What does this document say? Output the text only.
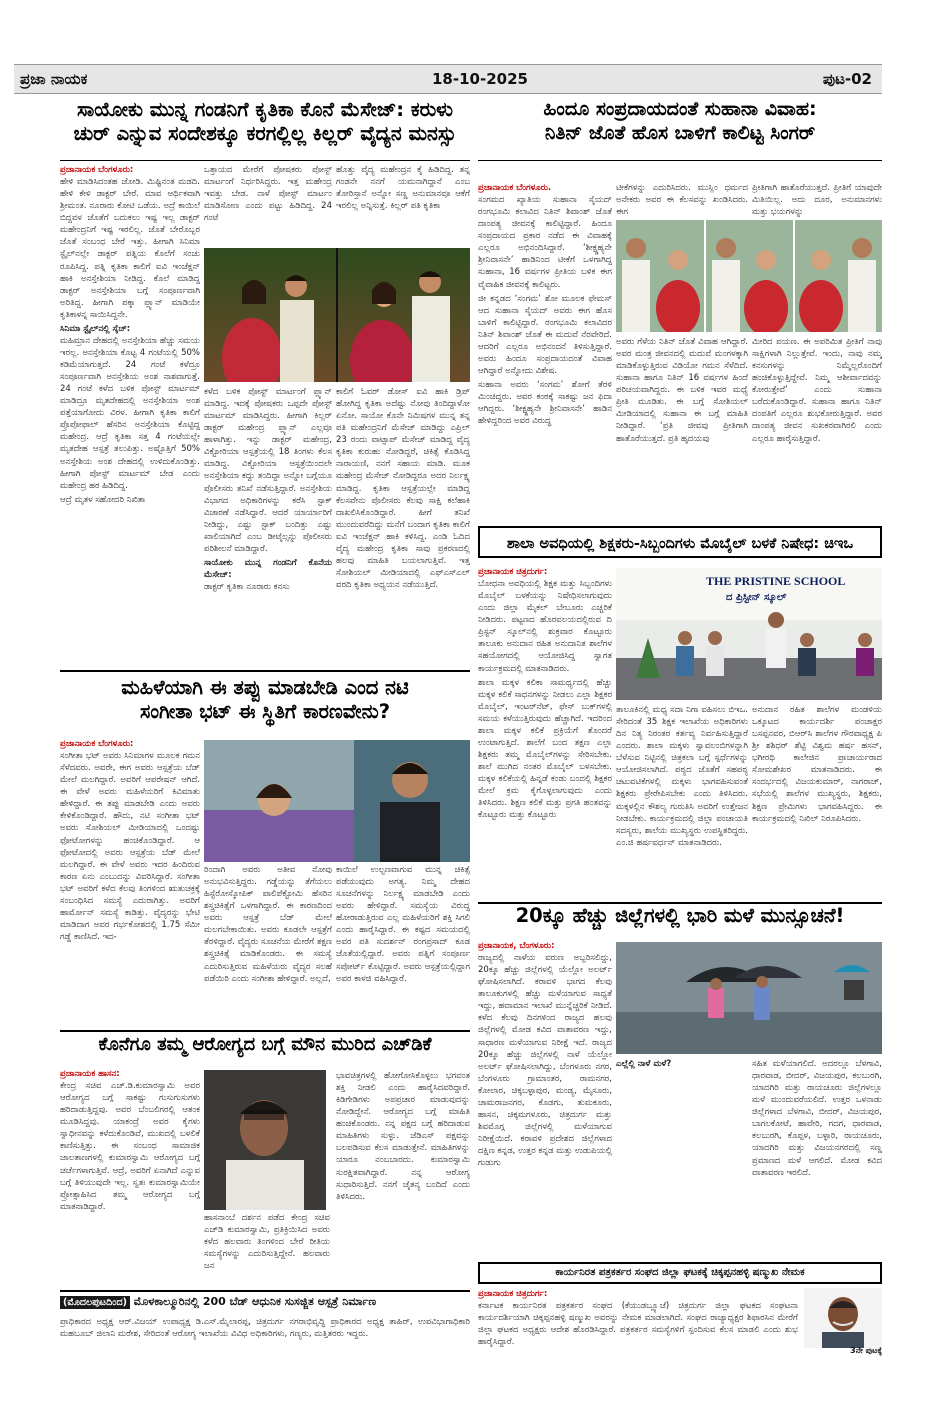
ಪ್ರಜಾ ನಾಯಕ	18-10-2025	ಪುಟ-02
ಸಾಯೋಕು ಮುನ್ನ ಗಂಡನಿಗೆ ಕೃತಿಕಾ ಕೊನೆ ಮೆಸೇಜ್: ಕರುಳು
ಚುರ್ ಎನ್ನುವ ಸಂದೇಶಕ್ಕೂ ಕರಗಲ್ಲಿಲ್ಲ ಕಿಲ್ಲರ್ ವೈದ್ಯನ ಮನಸ್ಸು
ಪ್ರಜಾನಾಯಕ ಬೆಂಗಳೂರು:

ಹೇಳಿ ಮಾಡಿಸಿದಂತಹ ಜೋಡಿ. ಮಿಷ್ಟಿನಂತ ಮಡದಿ. ಹೇಳಿ ಕೇಳಿ ಡಾಕ್ಟರ್ ಬೇರೆ. ಮಾವ ಆರ್ಥಿಕವಾಗಿ ಶ್ರೀಮಂತ. ನೂರಾರು ಕೋಟಿ ಒಡೆಯ. ಅದ್ರೆ ಕಾಯಿಲೆ ಬಿದ್ದವಳ ಜೊತೆಗೆ ಬದುಕಲು ಇಷ್ಟ ಇಲ್ಲ ಡಾಕ್ಟರ್ ಮಹೇಂದ್ರನಿಗೆ ಇಷ್ಟ ಇರಲಿಲ್ಲ. ಜೊತೆ ಬೇರೊಬ್ಬರ ಜೊತೆ ಸಂಬಂಧ ಬೇರೆ ಇತ್ತು. ಹೀಗಾಗಿ ಸಿನಿಮಾ ಸ್ಟೈಲ್‌ನಲ್ಲೇ ಡಾಕ್ಟರ್ ಪತ್ನಿಯ ಕೊಲೆಗೆ ಸಂಚು ರೂಪಿಸಿದ್ದ. ಪತ್ನಿ ಕೃತಿಕಾ ಕಾಲಿಗೆ ಐವಿ ಇಂಜೆಕ್ಷನ್ ಹಾಕಿ ಅನಸ್ತೇಶಿಯಾ ನೀಡಿದ್ದ. ಕೊಲೆ ಮಾಡಿದ್ದ ಡಾಕ್ಟರ್ ಅನಸ್ತೇಶಿಯಾ ಬಗ್ಗೆ ಸಂಪೂರ್ಣವಾಗಿ ಅರಿತಿದ್ದ. ಹೀಗಾಗಿ ಪಕ್ಕಾ ಪ್ಲ್ಯಾನ್ ಮಾಡಿಯೇ ಕೃತಿಕಾಳನ್ನ ಸಾಯಿಸಿದ್ದನೇ.

ಸಿನಿಮಾ ಸ್ಟೈಲ್‌ನಲ್ಲಿ ಸ್ಕೆಚ್:

ಮಹಿಮ್ರಾನ ದೇಹದಲ್ಲಿ ಅನಸ್ತೇಶಿಯಾ ಹೆಚ್ಚು ಸಮಯ ಇರಲ್ಲ. ಅನಸ್ತೇಶಿಯಾ ಕೊಟ್ಟ 4 ಗಂಟೆಯಲ್ಲಿ 50% ಕಡಿಮೆಯಾಗುತ್ತದೆ. 24 ಗಂಟೆ ಕಳೆದ್ರೂ ಸಂಪೂರ್ಣವಾಗಿ ಅನಸ್ತೇಶಿಯ ಅಂಶ ನಾಶವಾಗುತ್ತೆ. 24 ಗಂಟೆ ಕಳೆದ ಬಳಿಕ ಪೋಸ್ಟ್ ಮಾರ್ಟಮ್ ಮಾಡಿದ್ರೂ ಮೃತದೇಹದಲ್ಲಿ ಅನಸ್ತೇಶಿಯಾ ಅಂಶ ಪತ್ತೆಯಾಗೋದು ವಿರಳ. ಹೀಗಾಗಿ ಕೃತಿಕಾ ಕಾಲಿಗೆ ಪ್ರೊಪೋಫಾಲ್ ಹೆಸರಿನ ಅನಸ್ತೇಶಿಯಾ ಕೊಟ್ಟಿದ್ದ ಮಹೇಂದ್ರ. ಆದ್ರೆ ಕೃತಿಕಾ ಸತ್ತ 4 ಗಂಟೆಯಲ್ಲೇ ಮೃತದೇಹ ಆಸ್ಪತ್ರೆ ತಲುಪಿತ್ತು. ಅಷ್ಟೊತ್ತಿಗೆ 50% ಅನಸ್ತೇಶಿಯ ಅಂಶ ದೇಹದಲ್ಲಿ ಉಳಿದುಕೊಂಡಿತ್ತು. ಹೀಗಾಗಿ ಪೋಸ್ಟ್ ಮಾರ್ಟಮ್ ಬೇಡ ಎಂದು ಮಹೇಂದ್ರ ಹಠ ಹಿಡಿದಿದ್ದ.

ಆದ್ರೆ ಮೃತಳ ಸಹೋದರಿ ನಿಖಿತಾ

ಒತ್ತಾಯದ ಮೇರೆಗೆ ಪೋಷಕರು ಪೋಸ್ಟ್ ಮಾರ್ಟಂಗೆ ನಿರ್ಧರಿಸಿದ್ದರು. ಇತ್ತ ಮಹೇಂದ್ರ ಇವತ್ತು ಬೇಡ. ನಾಳೆ ಪೋಸ್ಟ್ ಮಾರ್ಟಂ ಮಾಡಿಸೋಣ ಎಂದು ಪಟ್ಟು ಹಿಡಿದಿದ್ದ. 24 ಗಂಟೆ

ಹೊತ್ತು ವೈದ್ಯ ಮಹೇಂದ್ರನ ಕೈ ಹಿಡಿದಿದ್ದ. ತನ್ನ ಗಂಡನೇ ನನಗೆ ಯಮನಾಗಿದ್ದಾನೆ ಎಂಬ ತೋರಿಸ್ತಾನೆ ಅನ್ನೋ ಸಣ್ಣ ಅನುಮಾನವೂ ಆಕೆಗೆ ಇರಲಿಲ್ಲ ಅನ್ನಿಸುತ್ತೆ. ಕಿಲ್ಲರ್ ಪತಿ ಕೃತಿಕಾ

ಕಳೆದ ಬಳಿಕ ಪೋಸ್ಟ್ ಮಾರ್ಟಂಗೆ ಪ್ಲ್ಯಾನ್ ಮಾಡಿದ್ದ. ಇದಕ್ಕೆ ಪೋಷಕರು ಒಪ್ಪದೇ ಪೋಸ್ಟ್ ಮಾರ್ಟಮ್ ಮಾಡಿಸಿದ್ದರು. ಹೀಗಾಗಿ ಕಿಲ್ಲರ್ ಡಾಕ್ಟರ್ ಮಹೇಂದ್ರ ಪ್ಲ್ಯಾನ್ ಎಲ್ಲವೂ ಹಾಳಾಗಿತ್ತು. ಇನ್ನು ಡಾಕ್ಟರ್ ಮಹೇಂದ್ರ, ವಿಕ್ಟೋರಿಯಾ ಆಸ್ಪತ್ರೆಯಲ್ಲಿ 18 ತಿಂಗಳು ಕೆಲಸ ಮಾಡಿದ್ದ. ವಿಕ್ಟೋರಿಯಾ ಆಸ್ಪತ್ರೆಯಿಂದಲೇ ಅನಸ್ತೇಶಿಯಾ ಕದ್ದು ತಂದಿದ್ದಾ ಅನ್ನೋ ಬಗ್ಗೆಯೂ ಪೊಲೀಸರು ತನಿಖೆ ನಡೆಸುತ್ತಿದ್ದಾರೆ. ಅನಸ್ತೇಶಿಯ ವಿಭಾಗದ ಅಧಿಕಾರಿಗಳನ್ನು ಕರೆಸಿ ಸ್ಟಾಕ್ ವಿಚಾರಣೆ ನಡೆಸಿದ್ದಾರೆ. ಆದರೆ ಯಾರ್ಯಾರಿಗೆ ನೀಡಿದ್ದು, ಎಷ್ಟು ಸ್ಟಾಕ್ ಬಂದಿತ್ತು ಎಷ್ಟು ಖಾಲಿಯಾಗಿದೆ ಎಂಬ ಡೀಟೈಲ್ಸನ್ನು ಪೊಲೀಸರು ಪರಿಶೀಲನೆ ಮಾಡಿದ್ದಾರೆ.

ಸಾಯೋಕು ಮುನ್ನ ಗಂಡನಿಗೆ ಕೊನೆಯ ಮೆಸೇಜ್:

ಡಾಕ್ಟರ್ ಕೃತಿಕಾ ನೂರಾರು ಕನಸು

ಕಾಲಿಗೆ ಓವರ್ ಡೋಸ್ ಐವಿ ಹಾಕಿ ಡ್ರಿಪ್ ಹೋಗಿದ್ದ ಕೃತಿಕಾ ಅದೆಷ್ಟು ನೋವು ತಿಂದಿದ್ದಾಳೋ ಏನೋ. ಸಾಯೋ ಕೊನೇ ನಿಮಿಷಗಳ ಮುನ್ನ ತನ್ನ ಪತಿ ಮಹೇಂದ್ರನಿಗೆ ಮೆಸೇಜ್ ಮಾಡಿದ್ದು ಎಪ್ರಿಲ್ 23 ರಂದು ವಾಟ್ಸಾಪ್ ಮೆಸೇಜ್ ಮಾಡಿದ್ದ ವೈದ್ಯ ಕೃತಿಕಾ ಕುರುಹು ನೋಡಿದ್ದರೆ, ಚಿಕಿತ್ಸೆ ಕೊಡಿಸಿದ್ದ ನಾರಾಯಣಿ, ನನಗೆ ಸಹಾಯ ಮಾಡಿ. ಮೂಕ ಮಹೇಂದ್ರ ಮೆಸೇಜ್ ನೋಡಿದ್ದರೂ ಅದರ ನಿರ್ಲಕ್ಷ್ಯ ಮಾಡಿದ್ದ. ಕೃತಿಕಾ ಆಸ್ಪತ್ರೆಯಲ್ಲೇ ಮಾಡಿದ್ದ ಕೆಲಸವೇನು ಪೊಲೀಸರು ಕೆಲವು ಸಾಕ್ಷಿ ಕಲೆಹಾಕಿ ದಾಖಲಿಸಿಕೊಂಡಿದ್ದಾರೆ. ಹೀಗೆ ತನಿಖೆ ಮುಂದುವರೆದಿದ್ದು ಮನೆಗೆ ಬಂದಾಗ ಕೃತಿಕಾ ಕಾಲಿಗೆ ಐವಿ ಇಂಜೆಕ್ಷನ್ ಹಾಕಿ ಕಳಿಸಿದ್ದ. ಎಂಡಿ ಓದಿದ ವೈದ್ಯ ಮಹೇಂದ್ರ ಕೃತಿಕಾ ಸಾವು ಪ್ರಕರಣದಲ್ಲಿ ಹಲವು ಮಾಹಿತಿ ಬಯಲಾಗುತ್ತಿವೆ. ಇತ್ತ ಸೋಶಿಯಲ್ ಮೀಡಿಯಾದಲ್ಲಿ ಎಫ್ಎಸ್ಎಲ್ ವರದಿ ಕೃತಿಕಾ ಅಧ್ಯಯನ ನಡೆಯುತ್ತಿದೆ.

ಮಹಿಳೆಯಾಗಿ ಈ ತಪ್ಪು ಮಾಡಬೇಡಿ ಎಂದ ನಟಿ
ಸಂಗೀತಾ ಭಟ್ ಈ ಸ್ಥಿತಿಗೆ ಕಾರಣವೇನು?
ಪ್ರಜಾನಾಯಕ ಬೆಂಗಳೂರು:

ಸಂಗೀತಾ ಭಟ್ ಅವರು ಸಿನಿಮಾಗಳ ಮೂಲಕ ಗಮನ ಸೆಳೆದವರು. ಅವರೇ, ಈಗ ಅವರು ಆಸ್ಪತ್ರೆಯ ಬೆಡ್ ಮೇಲೆ ಮಲಗಿದ್ದಾರೆ. ಅವರಿಗೆ ಆಪರೇಷನ್ ಆಗಿದೆ. ಈ ವೇಳೆ ಅವರು ಮಹಿಳೆಯರಿಗೆ ಕಿವಿಮಾತು ಹೇಳಿದ್ದಾರೆ. ಈ ತಪ್ಪು ಮಾಡಬೇಡಿ ಎಂದು ಅವರು ಕೇಳಿಕೊಂಡಿದ್ದಾರೆ. ಹೌದು, ನಟಿ ಸಂಗೀತಾ ಭಟ್ ಅವರು ಸೋಶಿಯಲ್ ಮೀಡಿಯಾದಲ್ಲಿ ಒಂದಷ್ಟು ಫೋಟೋಗಳನ್ನು ಹಂಚಿಕೊಂಡಿದ್ದಾರೆ. ಆ ಫೋಟೋದಲ್ಲಿ ಅವರು ಆಸ್ಪತ್ರೆಯ ಬೆಡ್ ಮೇಲೆ ಮಲಗಿದ್ದಾರೆ. ಈ ವೇಳೆ ಅವರು ಇದರ ಹಿಂದಿರುವ ಕಾರಣ ಏನು ಎಂಬುದನ್ನು ವಿವರಿಸಿದ್ದಾರೆ. ಸಂಗೀತಾ ಭಟ್ ಅವರಿಗೆ ಕಳೆದ ಕೆಲವು ತಿಂಗಳಿಂದ ಋತುಚಕ್ರಕ್ಕೆ ಸಂಬಂಧಿಸಿದ ಸಮಸ್ಯೆ ಎದುರಾಗಿತ್ತು. ಅವರಿಗೆ ಹಾರ್ಮೋನ್ ಸಮಸ್ಯೆ ಕಾಡಿತ್ತು. ವೈದ್ಯರನ್ನು ಭೇಟಿ ಮಾಡಿದಾಗ ಅವರ ಗರ್ಭಕೋಶದಲ್ಲಿ 1.75 ಸೆಮೀ ಗಡ್ಡೆ ಕಾಣಿಸಿದೆ. ಇದ-

ರಿಂದಾಗಿ ಅವರು ಅತೀವ ನೋವು ಅನುಭವಿಸುತ್ತಿದ್ದರು. ಗಡ್ಡೆಯನ್ನು ತೆಗೆಯಲು ಹಿಸ್ಟೆರೋಸ್ಕೋಪಿಕ್ ಪಾಲಿಪೆಕ್ಟೋಮಿ ಹೆಸರಿನ ಶಸ್ತ್ರಚಿಕಿತ್ಸೆಗೆ ಒಳಗಾಗಿದ್ದಾರೆ. ಈ ಕಾರಣದಿಂದ ಅವರು ಆಸ್ಪತ್ರೆ ಬೆಡ್ ಮೇಲೆ ಮಲಗಬೇಕಾಯಿತು. ಅವರು ಕೂಡಲೇ ಆಸ್ಪತ್ರೆಗೆ ತೆರಳಿದ್ದಾರೆ. ವೈದ್ಯರು ಸೂಚನೆಯ ಮೇರೆಗೆ ತಕ್ಷಣ ಶಸ್ತ್ರಚಿಕಿತ್ಸೆ ಮಾಡಿಕೊಂಡರು. ಈ ಸಮಸ್ಯೆ ಎದುರಿಸುತ್ತಿರುವ ಮಹಿಳೆಯರು ವೈದ್ಯರ ಸಲಹೆ ಪಡೆಯಿರಿ ಎಂದು ಸಂಗೀತಾ ಹೇಳಿದ್ದಾರೆ. ಅಲ್ಲದೆ,

ಕಾಯಿಲೆ ಉಲ್ಬಣವಾಗುವ ಮುನ್ನ ಚಿಕಿತ್ಸೆ ಪಡೆಯುವುದು ಅಗತ್ಯ. ನಿಮ್ಮ ದೇಹದ ಸೂಚನೆಗಳನ್ನು ನಿರ್ಲಕ್ಷ್ಯ ಮಾಡಬೇಡಿ ಎಂದು ಅವರು ಹೇಳಿದ್ದಾರೆ. ಸಮಸ್ಯೆಯ ವಿರುದ್ಧ ಹೋರಾಡುತ್ತಿರುವ ಎಲ್ಲ ಮಹಿಳೆಯರಿಗೆ ಶಕ್ತಿ ಸಿಗಲಿ ಎಂದು ಹಾರೈಸಿದ್ದಾರೆ. ಈ ಕಷ್ಟದ ಸಮಯದಲ್ಲಿ ಅವರ ಪತಿ ಸುದರ್ಶನ್ ರಂಗಪ್ರಸಾದ್ ಕೂಡ ಜೊತೆಯಲ್ಲಿದ್ದಾರೆ. ಅವರು ಪತ್ನಿಗೆ ಸಂಪೂರ್ಣ ಸಪೋರ್ಟ್ ಕೊಟ್ಟಿದ್ದಾರೆ. ಅವರು ಆಸ್ಪತ್ರೆಯಲ್ಲಿದ್ದಾಗ ಅವರ ಕಾಳಜಿ ವಹಿಸಿದ್ದಾರೆ.

ಕೊನೆಗೂ ತಮ್ಮ ಆರೋಗ್ಯದ ಬಗ್ಗೆ ಮೌನ ಮುರಿದ ಎಚ್‌ಡಿಕೆ
ಪ್ರಜಾನಾಯಕ ಹಾಸನ:

ಕೇಂದ್ರ ಸಚಿವ ಎಚ್.ಡಿ.ಕುಮಾರಸ್ವಾಮಿ ಅವರ ಆರೋಗ್ಯದ ಬಗ್ಗೆ ಸಾಕಷ್ಟು ಗುಸುಗುಸುಗಳು ಹರಿದಾಡುತ್ತಿದ್ದವು. ಅವರ ಬೆಂಬಲಿಗರಲ್ಲಿ ಆತಂಕ ಮೂಡಿಸಿದ್ದವು. ಯಾಕಂದ್ರೆ ಅವರ ಕೈಗಳು ಸ್ವಾಧೀನವನ್ನು ಕಳೆದುಕೊಂಡಿವೆ, ಮುಖದಲ್ಲಿ ಬಳಲಿಕೆ ಕಾಣಿಸುತ್ತಿತ್ತು. ಈ ಸಂಬಂಧ ಸಾಮಾಜಿಕ ಜಾಲತಾಣಗಳಲ್ಲಿ ಕುಮಾರಸ್ವಾಮಿ ಆರೋಗ್ಯದ ಬಗ್ಗೆ ಚರ್ಚೆಗಳಾಗುತ್ತಿವೆ. ಆದ್ರೆ, ಅವರಿಗೆ ಏನಾಗಿದೆ ಎನ್ನುವ ಬಗ್ಗೆ ತಿಳಿಯುವುದೇ ಇಲ್ಲ. ಸ್ವತಃ ಕುಮಾರಸ್ವಾಮಿಯೇ ಪ್ರೋತ್ಸಾಹಿಸಿದ ತಮ್ಮ ಆರೋಗ್ಯದ ಬಗ್ಗೆ ಮಾತನಾಡಿದ್ದಾರೆ.

ಹಾಸನಾಂಬೆ ದರ್ಶನ ಪಡೆದ ಕೇಂದ್ರ ಸಚಿವ ಎಚ್‌ಡಿ ಕುಮಾರಸ್ವಾಮಿ, ಪ್ರತಿಕ್ರಿಯಿಸಿದ ಅವರು ಕಳೆದ ಹಲವಾರು ತಿಂಗಳಿಂದ ಬೇರೆ ರೀತಿಯ ಸಮಸ್ಯೆಗಳನ್ನು ಎದುರಿಸುತ್ತಿದ್ದೇನೆ. ಹಲವಾರು ಜನ

ಭಾವಚಿತ್ರಗಳಲ್ಲಿ ಹೋಗೋಸಿಕೊಳ್ಳಲು ಭಗವಂತ ಶಕ್ತಿ ನೀಡಲಿ ಎಂದು ಹಾರೈಸಿದವರಿದ್ದಾರೆ. ಕಿಡಿಗೇಡಿಗಳು ಅಪಪ್ರಚಾರ ಮಾಡುವುದನ್ನು ನೋಡಿದ್ದೇನೆ. ಆರೋಗ್ಯದ ಬಗ್ಗೆ ಮಾಹಿತಿ ಹಂಚಿಕೊಂಡರು. ನನ್ನ ಪಕ್ಷದ ಬಗ್ಗೆ ಹರಿದಾಡುವ ಮಾಹಿತಿಗಳು ಸುಳ್ಳು. ಜೆಡಿಎಸ್ ಪಕ್ಷವನ್ನು ಬಲಪಡಿಸುವ ಕೆಲಸ ಮಾಡುತ್ತೇನೆ. ಮಾಹಿತಿಗಳನ್ನು ಯಾರೂ ನಂಬಬಾರದು. ಕುಮಾರಸ್ವಾಮಿ ಸುರಕ್ಷಿತವಾಗಿದ್ದಾರೆ. ನನ್ನ ಆರೋಗ್ಯ ಸುಧಾರಿಸುತ್ತಿದೆ. ನನಗೆ ಚೈತನ್ಯ ಬಂದಿದೆ ಎಂದು ತಿಳಿಸಿದರು.

(ಮೊದಲಪುಟದಿಂದ) ಮೊಳಕಾಲ್ಮೂರಿನಲ್ಲಿ 200 ಬೆಡ್ ಆಧುನಿಕ ಸುಸಜ್ಜಿತ ಆಸ್ಪತ್ರೆ ನಿರ್ಮಾಣ

ಪ್ರಾಧಿಕಾರದ ಅಧ್ಯಕ್ಷ ಆರ್.ವಿಜಯ್ ಉಪಾಧ್ಯಕ್ಷ ಡಿ.ಎಸ್.ಮೈಲಾರಪ್ಪ, ಚಿತ್ರದುರ್ಗ ನಗರಾಭಿವೃದ್ಧಿ ಪ್ರಾಧಿಕಾರದ ಅಧ್ಯಕ್ಷ ತಾಹಿರ್, ಉಪವಿಭಾಗಾಧಿಕಾರಿ ಮಹಬೂಬ್ ಜಿಲಾನಿ ಮರೇಶ, ಸೇರಿದಂತೆ ಆರೋಗ್ಯ ಇಲಾಖೆಯ ವಿವಿಧ ಅಧಿಕಾರಿಗಳು, ಗಣ್ಯರು, ಮತ್ತಿತರರು ಇದ್ದರು.

ಹಿಂದೂ ಸಂಪ್ರದಾಯದಂತೆ ಸುಹಾನಾ ವಿವಾಹ:
ನಿತಿನ್ ಜೊತೆ ಹೊಸ ಬಾಳಿಗೆ ಕಾಲಿಟ್ಟ ಸಿಂಗರ್
ಪ್ರಜಾನಾಯಕ ಬೆಂಗಳೂರು.

ಸಂಗಮದ ಖ್ಯಾತಿಯ ಸುಹಾನಾ ಸೈಯದ್ ರಂಗಭೂಮಿ ಕಲಾವಿದ ನಿತಿನ್ ಶಿವಾಂಶ್ ಜೊತೆ ದಾಂಪತ್ಯ ಜೀವನಕ್ಕೆ ಕಾಲಿಟ್ಟಿದ್ದಾರೆ. ಹಿಂದೂ ಸಂಪ್ರದಾಯದ ಪ್ರಕಾರ ನಡೆದ ಈ ವಿವಾಹಕ್ಕೆ ಎಲ್ಲರೂ ಅಭಿನಂದಿಸಿದ್ದಾರೆ. ‘ಶೀಕ್ಷ್ಣಹ್ಯನೇ ಶ್ರೀನಿವಾಸನೇ’ ಹಾಡಿನಿಂದ ಟೀಕೆಗೆ ಒಳಗಾಗಿದ್ದ ಸುಹಾನಾ, 16 ವರ್ಷಗಳ ಪ್ರೀತಿಯ ಬಳಿಕ ಈಗ ವೈವಾಹಿಕ ಜೀವನಕ್ಕೆ ಕಾಲಿಟ್ಟರು.

ಜೀ ಕನ್ನಡದ ‘ಸಂಗಮ’ ಶೋ ಮೂಲಕ ಫೇಮಸ್ ಆದ ಸುಹಾನಾ ಸೈಯದ್ ಅವರು ಈಗ ಹೊಸ ಬಾಳಿಗೆ ಕಾಲಿಟ್ಟಿದ್ದಾರೆ. ರಂಗಭೂಮಿ ಕಲಾವಿದರ ನಿತಿನ್ ಶಿವಾಂಶ್ ಜೊತೆ ಈ ಮದುವೆ ನೆರವೇರಿದೆ. ಆದರಿಗೆ ಎಲ್ಲರೂ ಅಭಿನಂದನೆ ತಿಳಿಸುತ್ತಿದ್ದಾರೆ. ಅವರು ಹಿಂದೂ ಸಂಪ್ರದಾಯದಂತೆ ವಿವಾಹ ಆಗಿದ್ದಾರೆ ಅನ್ನೋದು ವಿಶೇಷ.

ಸುಹಾನಾ ಅವರು ‘ಸಂಗಮ’ ಶೋಗೆ ತೆರಳಿ ಮಿಂಚಿದ್ದರು. ಅವರ ಕಂಠಕ್ಕೆ ಸಾಕಷ್ಟು ಜನ ಫಿದಾ ಆಗಿದ್ದರು. ‘ಶೀಕ್ಷ್ಣಹ್ಯನೇ ಶ್ರೀನಿವಾಸನೇ’ ಹಾಡಿನ ಹೇಳಿದ್ದರಿಂದ ಅವರ ವಿರುದ್ಧ

ಟೀಕೆಗಳನ್ನು ಎದುರಿಸಿದರು. ಮುಸ್ಲಿಂ ಧರ್ಮದ ಅನೇಕರು ಅವರ ಈ ಕೆಲಸವನ್ನು ಖಂಡಿಸಿದರು. ಈಗ

ಪ್ರೀತಿಗಾಗಿ ಹಾತೊರೆಯುತ್ತದೆ. ಪ್ರೀತಿಗೆ ಯಾವುದೇ ಮಿತಿಯಿಲ್ಲ. ಅದು ದೂರ, ಅನುಮಾನಗಳು ಮತ್ತು ಭಯಗಳನ್ನು

ಅವರು ಗೆಳೆಯ ನಿತಿನ್ ಜೊತೆ ವಿವಾಹ ಆಗಿದ್ದಾರೆ. ಅವರ ಮಂತ್ರ ಜೀವನದಲ್ಲಿ ಮದುವೆ ಮಂಗಳಕ್ಕಾಗಿ ಮಾಡಿಕೊಳ್ಳುತ್ತಿರುವ ವಿಡಿಯೋ ಗಮನ ಸೆಳೆದಿದೆ. ಸುಹಾನಾ ಹಾಗೂ ನಿತಿನ್ 16 ವರ್ಷಗಳ ಹಿಂದೆ ಪರಿಚಯವಾಗಿದ್ದರು. ಈ ಬಳಿಕ ಇವರ ಮಧ್ಯೆ ಪ್ರೀತಿ ಮೂಡಿತು. ಈ ಬಗ್ಗೆ ಸೋಶಿಯಲ್ ಮೀಡಿಯಾದಲ್ಲಿ ಸುಹಾನಾ ಈ ಬಗ್ಗೆ ಮಾಹಿತಿ ನೀಡಿದ್ದಾರೆ. ‘ಪ್ರತಿ ಜೀವವು ಪ್ರೀತಿಗಾಗಿ ಹಾತೊರೆಯುತ್ತದೆ. ಪ್ರತಿ ಹೃದಯವು

ಮೀರಿದ ಪಯಣ. ಈ ಅಪರಿಮಿತ ಪ್ರೀತಿಗೆ ನಾವು ಸಾಕ್ಷಿಗಳಾಗಿ ನಿಲ್ಲುತ್ತೇವೆ. ಇಂದು, ನಾವು ನಮ್ಮ ಕನಸುಗಳನ್ನು ನಿಮ್ಮೆಲ್ಲರೊಂದಿಗೆ ಹಂಚಿಕೊಳ್ಳುತ್ತಿದ್ದೇವೆ. ನಿಮ್ಮ ಆಶೀರ್ವಾದವನ್ನು ಕೋರುತ್ತೇವೆ’ ಎಂದು ಸುಹಾನಾ ಬರೆದುಕೊಂಡಿದ್ದಾರೆ. ಸುಹಾನಾ ಹಾಗೂ ನಿತಿನ್ ದಂಪತಿಗೆ ಎಲ್ಲರೂ ಶುಭಕೋರುತ್ತಿದ್ದಾರೆ. ಅವರ ದಾಂಪತ್ಯ ಜೀವನ ಸುಖಕರವಾಗಿರಲಿ ಎಂದು ಎಲ್ಲರೂ ಹಾರೈಸುತ್ತಿದ್ದಾರೆ.

ಶಾಲಾ ಅವಧಿಯಲ್ಲಿ ಶಿಕ್ಷಕರು-ಸಿಬ್ಬಂದಿಗಳು ಮೊಬೈಲ್ ಬಳಕೆ ನಿಷೇಧ: ಚಿಇಒ
ಪ್ರಜಾನಾಯಕ ಚಿತ್ರದುರ್ಗ:

ಬೋಧನಾ ಅವಧಿಯಲ್ಲಿ ಶಿಕ್ಷಕ ಮತ್ತು ಸಿಬ್ಬಂದಿಗಳು ಮೊಬೈಲ್ ಬಳಕೆಯನ್ನು ನಿಷೇಧಿಸಲಾಗುವುದು ಎಂದು ಜಿಲ್ಲಾ ಮೈಕಲ್ ಬೇಬೂರು ಎಚ್ಚರಿಕೆ ನೀಡಿದರು. ಪಟ್ಟಣದ ಹೊರವಲಯದಲ್ಲಿರುವ ದಿ ಪ್ರಿಸ್ಟನ್ ಸ್ಕೂಲ್‌ನಲ್ಲಿ ಶುಕ್ರವಾರ ಕೊಟ್ಟೂರು ತಾಲೂಕು ಅನುದಾನ ರಹಿತ ಅನುದಾನಿತ ಶಾಲೆಗಳ ಸಹಯೋಗದಲ್ಲಿ ಆಯೋಜಿಸಿದ್ದ ಸ್ವಾಗತ ಕಾರ್ಯಕ್ರಮದಲ್ಲಿ ಮಾತನಾಡಿದರು.

ಶಾಲಾ ಮಕ್ಕಳ ಕಲಿಕಾ ಸಾಮರ್ಥ್ಯದಲ್ಲಿ ಹೆಚ್ಚು ಮಕ್ಕಳ ಕಲಿಕೆ ಸಾಧನಗಳನ್ನು ನೀಡಲು ಎಲ್ಲಾ ಶಿಕ್ಷಕರ ಮೊಬೈಲ್, ಇಂಟರ್‌ನೆಟ್, ಫೇಸ್ ಬುಕ್‌ಗಳಲ್ಲಿ ಸಮಯ ಕಳೆಯುತ್ತಿರುವುದು ಹೆಚ್ಚಾಗಿದೆ. ಇದರಿಂದ ಶಾಲಾ ಮಕ್ಕಳ ಕಲಿಕೆ ಪ್ರಕ್ರಿಯೆಗೆ ತೊಂದರೆ ಉಂಟಾಗುತ್ತಿದೆ. ಶಾಲೆಗೆ ಬಂದ ತಕ್ಷಣ ಎಲ್ಲಾ ಶಿಕ್ಷಕರು ತಮ್ಮ ಮೊಬೈಲ್‌ಗಳನ್ನು ಸೇರಿಸಬೇಕು. ಶಾಲೆ ಮುಗಿದ ನಂತರ ಮೊಬೈಲ್ ಬಳಸಬೇಕು. ಮಕ್ಕಳ ಕಲಿಕೆಯಲ್ಲಿ ಹಿನ್ನಡೆ ಕಂಡು ಬಂದಲ್ಲಿ ಶಿಕ್ಷಕರ ಮೇಲೆ ಕ್ರಮ ಕೈಗೊಳ್ಳಲಾಗುವುದು ಎಂದು ತಿಳಿಸಿದರು. ಶಿಕ್ಷಣ ಕಲಿಕೆ ಮತ್ತು ಪ್ರಗತಿ ಹಂತವನ್ನು ಕೊಟ್ಟೂರು ಮತ್ತು ಕೊಟ್ಟೂರು

THE PRISTINE SCHOOL
ದ ಪ್ರಿಸ್ಟೀನ್ ಸ್ಕೂಲ್

ತಾಲೂಕಿನಲ್ಲಿ ಮಧ್ಯ ಸದಾ ನಿಗಾ ವಹಿಸಲು ಬಿಇಒ. ಸೇರಿದಂತೆ 35 ಶಿಕ್ಷಕ ಇಲಾಖೆಯ ಅಧಿಕಾರಿಗಳು ದಿನ ನಿತ್ಯ ನಿರಂತರ ಕರ್ತವ್ಯ ನಿರ್ವಹಿಸುತ್ತಿದ್ದಾರೆ ಎಂದರು. ಶಾಲಾ ಮಕ್ಕಳು ಸ್ವಾವಲಂಬಿಗಳನ್ನಾಗಿ ಬೆಳೆಸುವ ನಿಟ್ಟಿನಲ್ಲಿ ಚಿತ್ರಕಲಾ ಬಗ್ಗೆ ಸ್ಪರ್ಧೆಗಳನ್ನು ಆಯೋಜಿಸಲಾಗಿದೆ. ಪಠ್ಯದ ಜೊತೆಗೆ ಸಹಪಠ್ಯ ಚಟುವಟಿಕೆಗಳಲ್ಲಿ ಮಕ್ಕಳು ಭಾಗವಹಿಸುವಂತೆ ಶಿಕ್ಷಕರು ಪ್ರೇರೇಪಿಸಬೇಕು ಎಂದು ತಿಳಿಸಿದರು. ಮಕ್ಕಳಲ್ಲಿನ ಕೌಶಲ್ಯ ಗುರುತಿಸಿ ಅವರಿಗೆ ಉತ್ತೇಜನ ನೀಡಬೇಕು. ಕಾರ್ಯಕ್ರಮದಲ್ಲಿ ಜಿಲ್ಲಾ ಪಂಚಾಯತಿ ಸದಸ್ಯರು, ಶಾಲೆಯ ಮುಖ್ಯಸ್ಥರು ಉಪಸ್ಥಿತರಿದ್ದರು. ಎಂ.ಜಿ ಹರ್ಷವರ್ಧನ್ ಮಾತನಾಡಿದರು.

ಅನುದಾನ ರಹಿತ ಶಾಲೆಗಳ ಮಂಡಳಿಯ ಒಕ್ಕೂಟದ ಕಾರ್ಯದರ್ಶಿ ಪಂಚಾಕ್ಷರ ಬಸಪ್ಪನವರ, ಬಿಆರ್‌ಸಿ ಶಾಲೆಗಳ ಗೌರವಾಧ್ಯಕ್ಷ ಪಿ ಶ್ರೀ ಶಶಿಧರ್ ಶೆಟ್ಟಿ ವಿಶ್ವಮ ಹರ್ಷ ಹಸನ್, ಭಗೀರಥಿ ಕಾಲೇಜಿನ ಪ್ರಾಚಾರ್ಯರಾದ ಸೋಮಶೇಖರ ಮಾತನಾಡಿದರು. ಈ ಸಂದರ್ಭದಲ್ಲಿ ವಿಜಯಕುಮಾರ್, ನಾಗರಾಜ್, ಸಭೆಯಲ್ಲಿ ಶಾಲೆಗಳ ಮುಖ್ಯಸ್ಥರು, ಶಿಕ್ಷಕರು, ಶಿಕ್ಷಣ ಪ್ರೇಮಿಗಳು ಭಾಗವಹಿಸಿದ್ದರು. ಈ ಕಾರ್ಯಕ್ರಮದಲ್ಲಿ ನಿಖಿಲ್ ನಿರೂಪಿಸಿದರು.

20ಕ್ಕೂ ಹೆಚ್ಚು ಜಿಲ್ಲೆಗಳಲ್ಲಿ ಭಾರಿ ಮಳೆ ಮುನ್ಸೂಚನೆ!
ಪ್ರಜಾನಾಯಕ, ಬೆಂಗಳೂರು:

ರಾಜ್ಯದಲ್ಲಿ ನಾಳೆಯ ವರುಣ ಅಬ್ಬರಿಸಲಿದ್ದು, 20ಕ್ಕೂ ಹೆಚ್ಚು ಜಿಲ್ಲೆಗಳಲ್ಲಿ ಯೆಲ್ಲೋ ಅಲರ್ಟ್ ಘೋಷಿಸಲಾಗಿದೆ. ಕರಾವಳಿ ಭಾಗದ ಕೆಲವು ತಾಲೂಕುಗಳಲ್ಲಿ ಹೆಚ್ಚು ಮಳೆಯಾಗುವ ಸಾಧ್ಯತೆ ಇದ್ದು, ಹವಾಮಾನ ಇಲಾಖೆ ಮುನ್ನೆಚ್ಚರಿಕೆ ನೀಡಿದೆ. ಕಳೆದ ಕೆಲವು ದಿನಗಳಿಂದ ರಾಜ್ಯದ ಹಲವು ಜಿಲ್ಲೆಗಳಲ್ಲಿ ಮೋಡ ಕವಿದ ವಾತಾವರಣ ಇದ್ದು, ಸಾಧಾರಣ ಮಳೆಯಾಗುವ ನಿರೀಕ್ಷೆ ಇದೆ. ರಾಜ್ಯದ 20ಕ್ಕೂ ಹೆಚ್ಚು ಜಿಲ್ಲೆಗಳಲ್ಲಿ ನಾಳೆ ಯೆಲ್ಲೋ ಅಲರ್ಟ್ ಘೋಷಿಸಲಾಗಿದ್ದು, ಬೆಂಗಳೂರು ನಗರ, ಬೆಂಗಳೂರು ಗ್ರಾಮಾಂತರ, ರಾಮನಗರ, ಕೋಲಾರ, ಚಿಕ್ಕಬಳ್ಳಾಪುರ, ಮಂಡ್ಯ, ಮೈಸೂರು, ಚಾಮರಾಜನಗರ, ಕೊಡಗು, ತುಮಕೂರು, ಹಾಸನ, ಚಿಕ್ಕಮಗಳೂರು, ಚಿತ್ರದುರ್ಗ ಮತ್ತು ಶಿವಮೊಗ್ಗ ಜಿಲ್ಲೆಗಳಲ್ಲಿ ಮಳೆಯಾಗುವ ನಿರೀಕ್ಷೆಯಿದೆ. ಕರಾವಳಿ ಪ್ರದೇಶದ ಜಿಲ್ಲೆಗಳಾದ ದಕ್ಷಿಣ ಕನ್ನಡ, ಉತ್ತರ ಕನ್ನಡ ಮತ್ತು ಉಡುಪಿಯಲ್ಲಿ ಗುಡುಗು

ಎಲ್ಲೆಲ್ಲಿ ನಾಳೆ ಮಳೆ?	ಸಹಿತ ಮಳೆಯಾಗಲಿದೆ. ಅದರಲ್ಲೂ ಬೆಳಗಾವಿ, ಧಾರವಾಡ, ಬೀದರ್, ವಿಜಯಪುರ, ಕಲಬುರಗಿ, ಯಾದಗಿರಿ ಮತ್ತು ರಾಯಚೂರು ಜಿಲ್ಲೆಗಳಲ್ಲೂ ಮಳೆ ಮುಂದುವರೆಯಲಿದೆ. ಉತ್ತರ ಒಳನಾಡು ಜಿಲ್ಲೆಗಳಾದ ಬೆಳಗಾವಿ, ಬೀದರ್, ವಿಜಯಪುರ, ಬಾಗಲಕೋಟೆ, ಹಾವೇರಿ, ಗದಗ, ಧಾರವಾಡ, ಕಲಬುರಗಿ, ಕೊಪ್ಪಳ, ಬಳ್ಳಾರಿ, ರಾಯಚೂರು, ಯಾದಗಿರಿ ಮತ್ತು ವಿಜಯನಗರದಲ್ಲಿ ಸಣ್ಣ ಪ್ರಮಾಣದ ಮಳೆ ಆಗಲಿದೆ. ಮೋಡ ಕವಿದ ವಾತಾವರಣ ಇರಲಿದೆ.

ಕಾರ್ಯನಿರತ ಪತ್ರಕರ್ತರ ಸಂಘದ ಜಿಲ್ಲಾ ಘಟಕಕ್ಕೆ ಚಿಕ್ಕಪ್ಪನಹಳ್ಳಿ ಷಣ್ಮುಖ ನೇಮಕ
ಪ್ರಜಾನಾಯಕ ಚಿತ್ರದುರ್ಗ:

ಕರ್ನಾಟಕ ಕಾರ್ಯನಿರತ ಪತ್ರಕರ್ತರ ಸಂಘದ (ಕೆಯುಡಬ್ಲ್ಯೂಜೆ) ಚಿತ್ರದುರ್ಗ ಜಿಲ್ಲಾ ಘಟಕದ ಸಂಘಟನಾ ಕಾರ್ಯದರ್ಶಿಯಾಗಿ ಚಿಕ್ಕಪ್ಪನಹಳ್ಳಿ ಷಣ್ಮುಖ ಅವರನ್ನು ನೇಮಕ ಮಾಡಲಾಗಿದೆ. ಸಂಘದ ರಾಜ್ಯಾಧ್ಯಕ್ಷರ ಶಿಫಾರಸಿನ ಮೇರೆಗೆ ಜಿಲ್ಲಾ ಘಟಕದ ಅಧ್ಯಕ್ಷರು ಆದೇಶ ಹೊರಡಿಸಿದ್ದಾರೆ. ಪತ್ರಕರ್ತರ ಸಮಸ್ಯೆಗಳಿಗೆ ಸ್ಪಂದಿಸುವ ಕೆಲಸ ಮಾಡಲಿ ಎಂದು ಶುಭ ಹಾರೈಸಿದ್ದಾರೆ.

3ನೇ ಪುಟಕ್ಕೆ
